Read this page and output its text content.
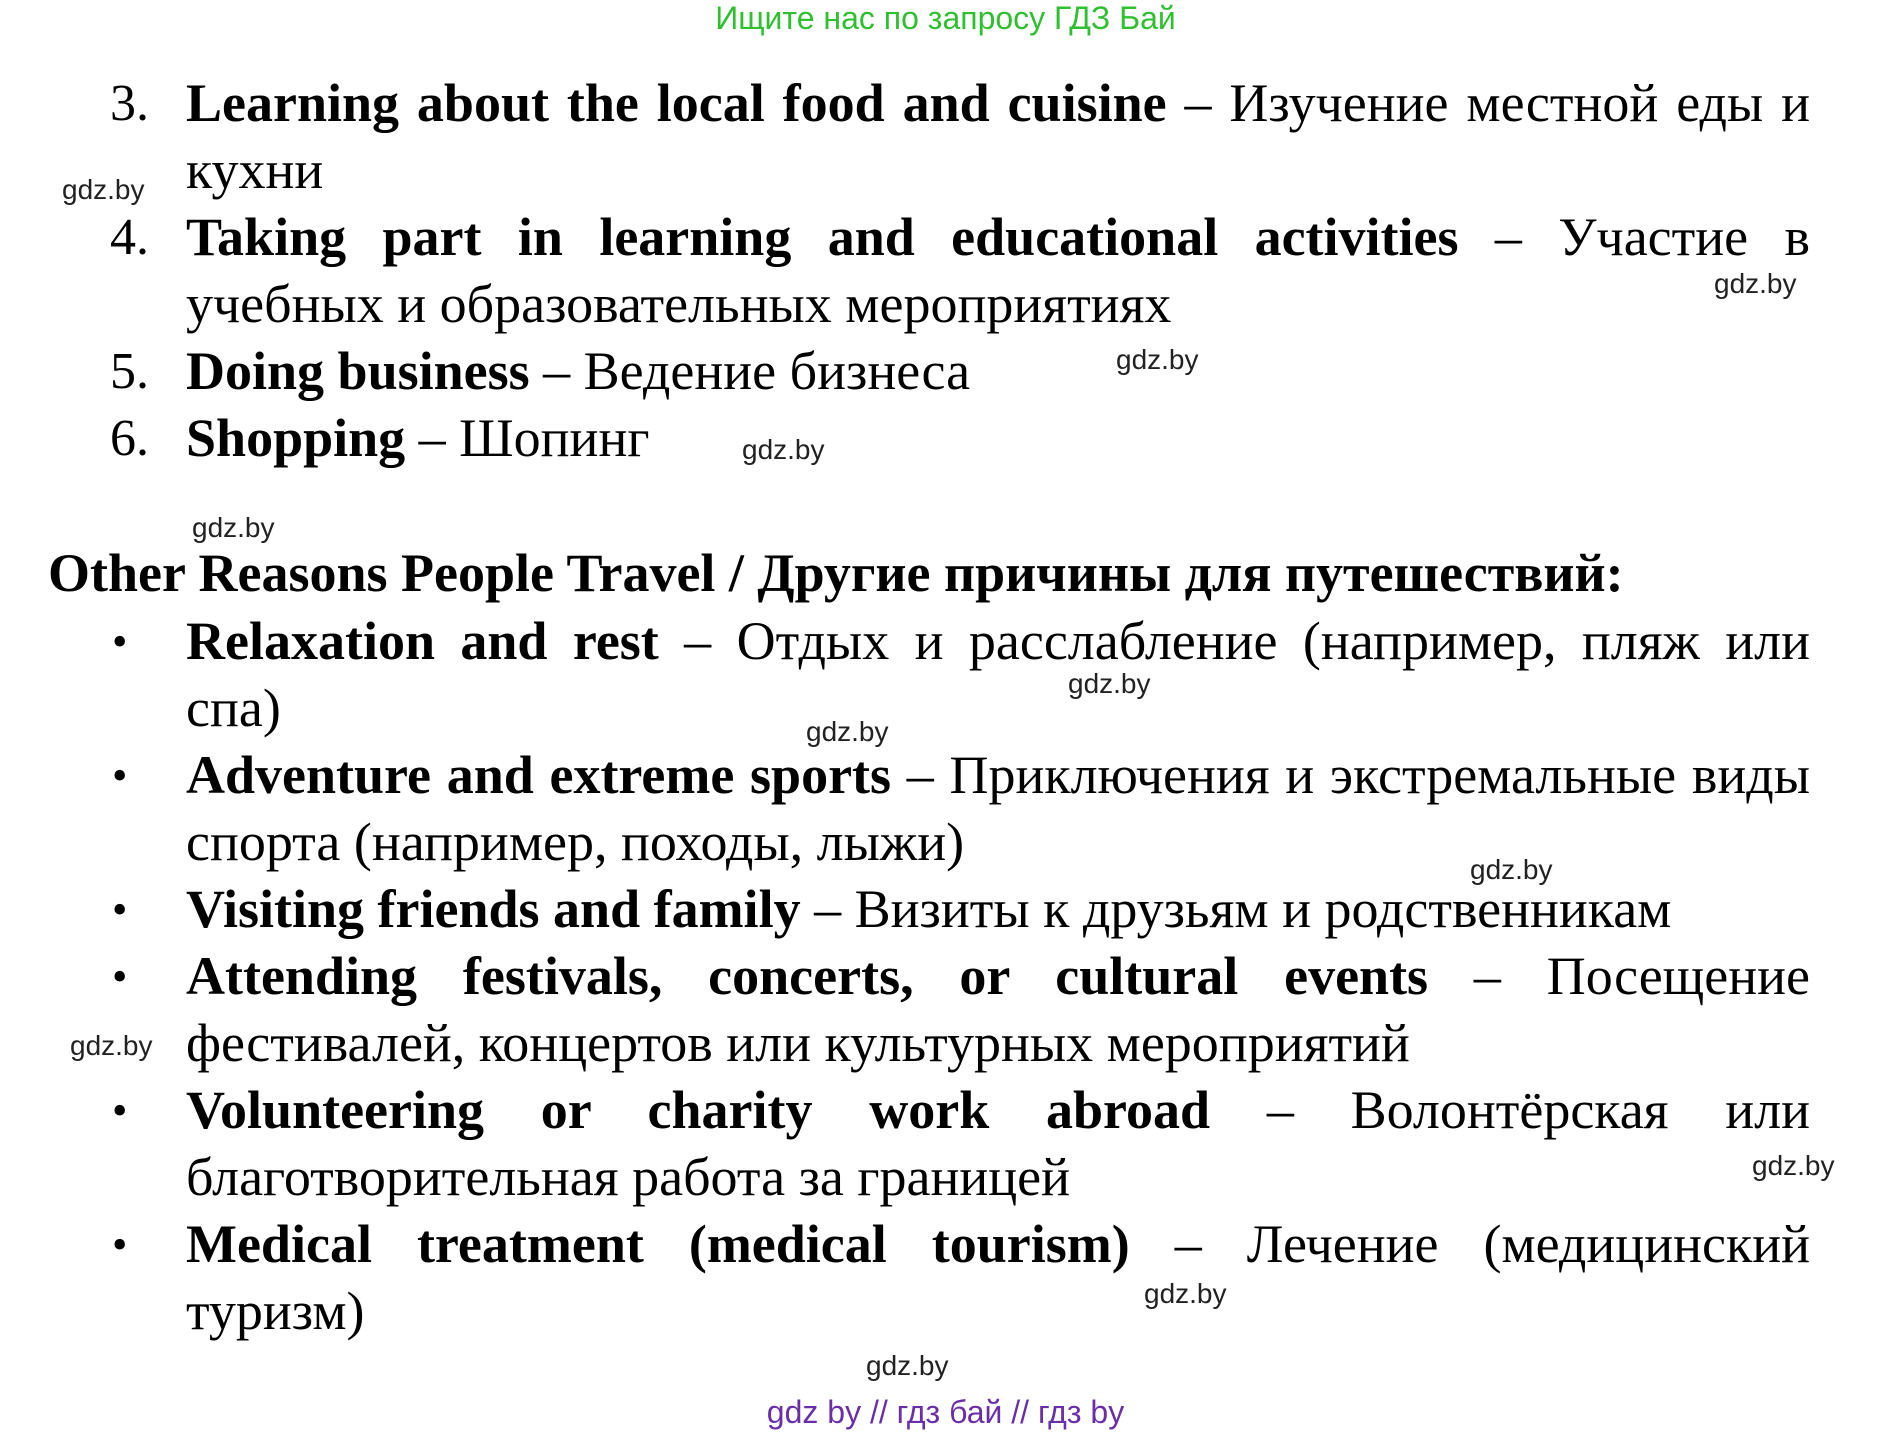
Ищите нас по запросу ГДЗ Бай
3. Learning about the local food and cuisine – Изучение местной еды и кухни
4. Taking part in learning and educational activities – Участие в учебных и образовательных мероприятиях
5. Doing business – Ведение бизнеса
6. Shopping – Шопинг
Other Reasons People Travel / Другие причины для путешествий:
•	Relaxation and rest – Отдых и расслабление (например, пляж или спа)
•	Adventure and extreme sports – Приключения и экстремальные виды спорта (например, походы, лыжи)
•	Visiting friends and family – Визиты к друзьям и родственникам
•	Attending festivals, concerts, or cultural events – Посещение фестивалей, концертов или культурных мероприятий
•	Volunteering or charity work abroad – Волонтёрская или благотворительная работа за границей
•	Medical treatment (medical tourism) – Лечение (медицинский туризм)
gdz.by
gdz.by
gdz.by
gdz.by
gdz.by
gdz.by
gdz.by
gdz.by
gdz.by
gdz.by
gdz.by
gdz.by
gdz by // гдз бай // гдз by
